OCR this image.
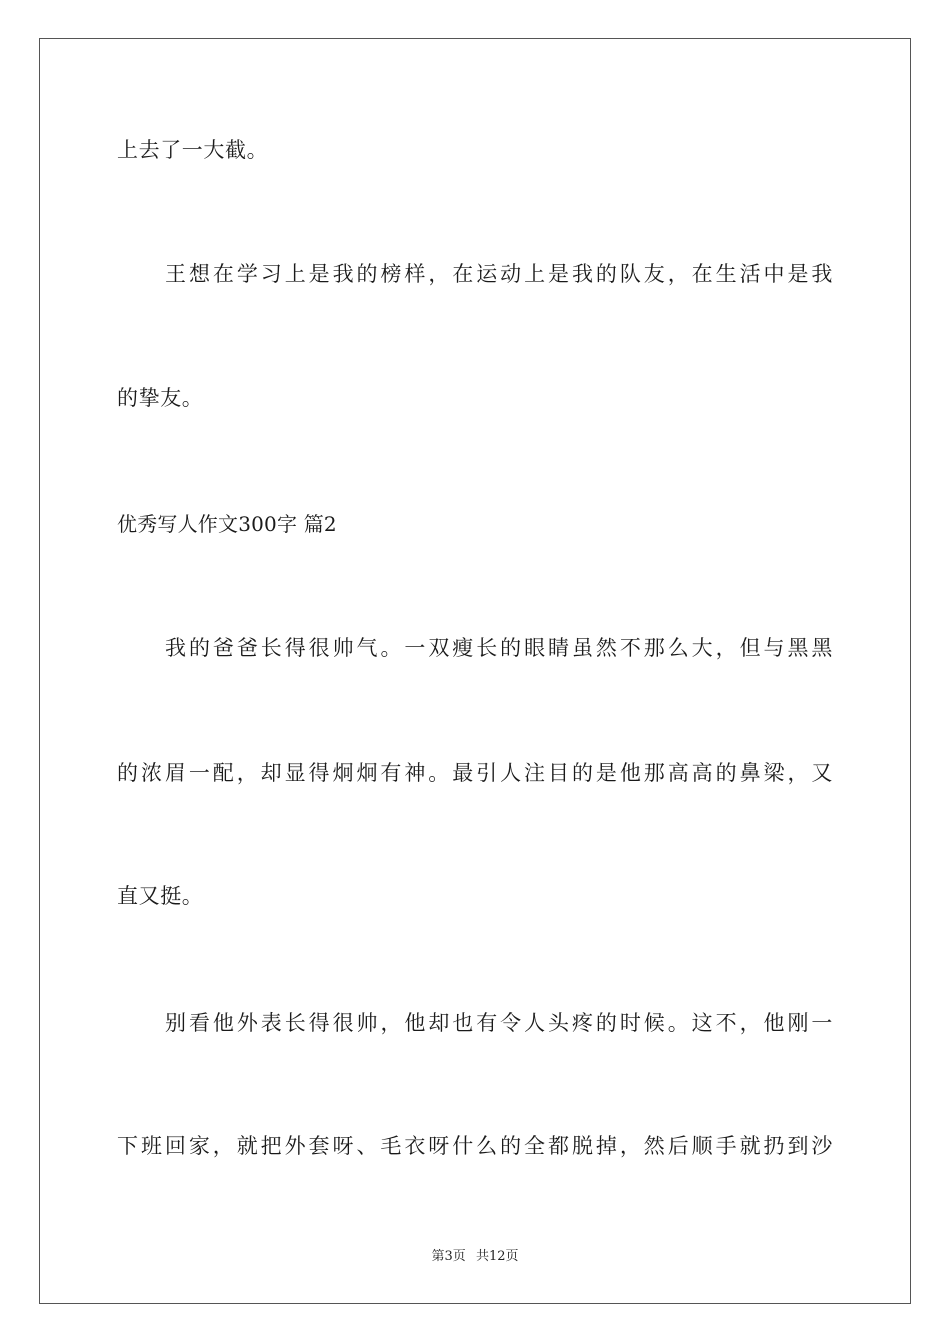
上去了一大截。
王想在学习上是我的榜样，在运动上是我的队友，在生活中是我
的挚友。
优秀写人作文300字 篇2
我的爸爸长得很帅气。一双瘦长的眼睛虽然不那么大，但与黑黑
的浓眉一配，却显得炯炯有神。最引人注目的是他那高高的鼻梁，又
直又挺。
别看他外表长得很帅，他却也有令人头疼的时候。这不，他刚一
下班回家，就把外套呀、毛衣呀什么的全都脱掉，然后顺手就扔到沙
第3页 共12页
